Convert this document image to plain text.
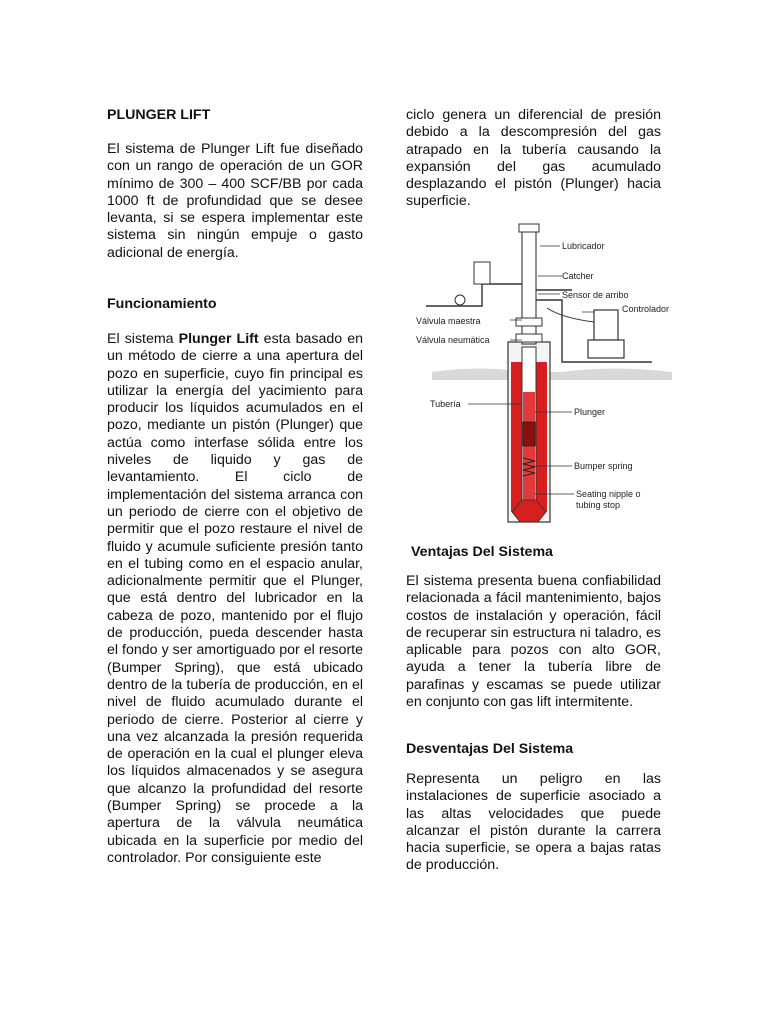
PLUNGER LIFT

El sistema de Plunger Lift fue diseñado con un rango de operación de un GOR mínimo de 300 – 400 SCF/BB por cada 1000 ft de profundidad que se desee levanta, si se espera implementar este sistema sin ningún empuje o gasto adicional de energía.

Funcionamiento

El sistema Plunger Lift esta basado en un método de cierre a una apertura del pozo en superficie, cuyo fin principal es utilizar la energía del yacimiento para producir los líquidos acumulados en el pozo, mediante un pistón (Plunger) que actúa como interfase sólida entre los niveles de liquido y gas de levantamiento. El ciclo de implementación del sistema arranca con un periodo de cierre con el objetivo de permitir que el pozo restaure el nivel de fluido y acumule suficiente presión tanto en el tubing como en el espacio anular, adicionalmente permitir que el Plunger, que está dentro del lubricador en la cabeza de pozo, mantenido por el flujo de producción, pueda descender hasta el fondo y ser amortiguado por el resorte (Bumper Spring), que está ubicado dentro de la tubería de producción, en el nivel de fluido acumulado durante el periodo de cierre. Posterior al cierre y una vez alcanzada la presión requerida de operación en la cual el plunger eleva los líquidos almacenados y se asegura que alcanzo la profundidad del resorte (Bumper Spring) se procede a la apertura de la válvula neumática ubicada en la superficie por medio del controlador. Por consiguiente este

ciclo genera un diferencial de presión debido a la descompresión del gas atrapado en la tubería causando la expansión del gas acumulado desplazando el pistón (Plunger) hacia superficie.

Ventajas Del Sistema

El sistema presenta buena confiabilidad relacionada a fácil mantenimiento, bajos costos de instalación y operación, fácil de recuperar sin estructura ni taladro, es aplicable para pozos con alto GOR, ayuda a tener la tubería libre de parafinas y escamas se puede utilizar en conjunto con gas lift intermitente.

Desventajas Del Sistema

Representa un peligro en las instalaciones de superficie asociado a las altas velocidades que puede alcanzar el pistón durante la carrera hacia superficie, se opera a bajas ratas de producción.

Lubricador
Catcher
Sensor de arribo
Controlador
Válvula maestra
Válvula neumática
Tubería
Plunger
Bumper spring
Seating nipple o
tubing stop
